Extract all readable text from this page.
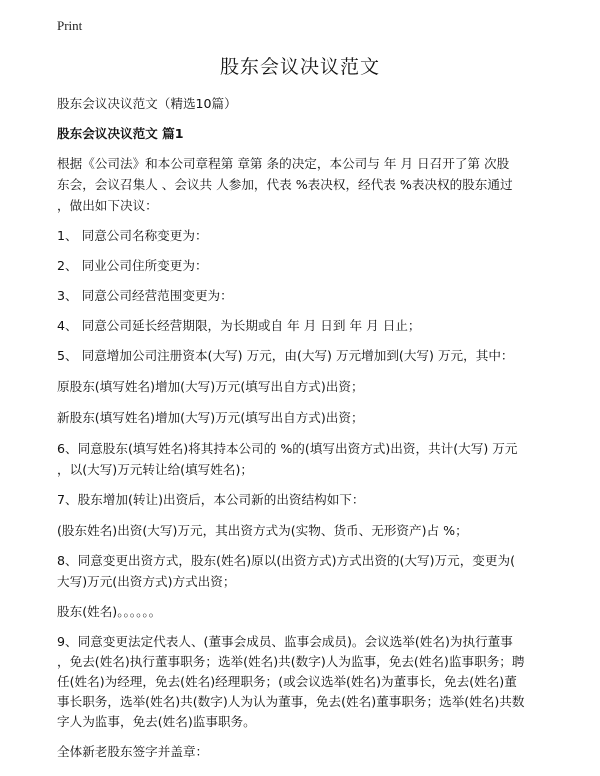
Print
股东会议决议范文
股东会议决议范文（精选10篇）
股东会议决议范文 篇1
根据《公司法》和本公司章程第 章第 条的决定，本公司与 年 月 日召开了第 次股
东会，会议召集人 、会议共 人参加，代表 %表决权，经代表 %表决权的股东通过
，做出如下决议：
1、 同意公司名称变更为：
2、 同业公司住所变更为：
3、 同意公司经营范围变更为：
4、 同意公司延长经营期限，为长期或自 年 月 日到 年 月 日止；
5、 同意增加公司注册资本(大写) 万元，由(大写) 万元增加到(大写) 万元，其中：
原股东(填写姓名)增加(大写)万元(填写出自方式)出资；
新股东(填写姓名)增加(大写)万元(填写出自方式)出资；
6、同意股东(填写姓名)将其持本公司的 %的(填写出资方式)出资，共计(大写) 万元
，以(大写)万元转让给(填写姓名)；
7、股东增加(转让)出资后，本公司新的出资结构如下：
(股东姓名)出资(大写)万元，其出资方式为(实物、货币、无形资产)占 %；
8、同意变更出资方式，股东(姓名)原以(出资方式)方式出资的(大写)万元，变更为(
大写)万元(出资方式)方式出资；
股东(姓名)。。。。。。
9、同意变更法定代表人、(董事会成员、监事会成员)。会议选举(姓名)为执行董事
，免去(姓名)执行董事职务；选举(姓名)共(数字)人为监事，免去(姓名)监事职务；聘
任(姓名)为经理，免去(姓名)经理职务；(或会议选举(姓名)为董事长，免去(姓名)董
事长职务，选举(姓名)共(数字)人为认为董事，免去(姓名)董事职务；选举(姓名)共数
字人为监事，免去(姓名)监事职务。
全体新老股东签字并盖章：
